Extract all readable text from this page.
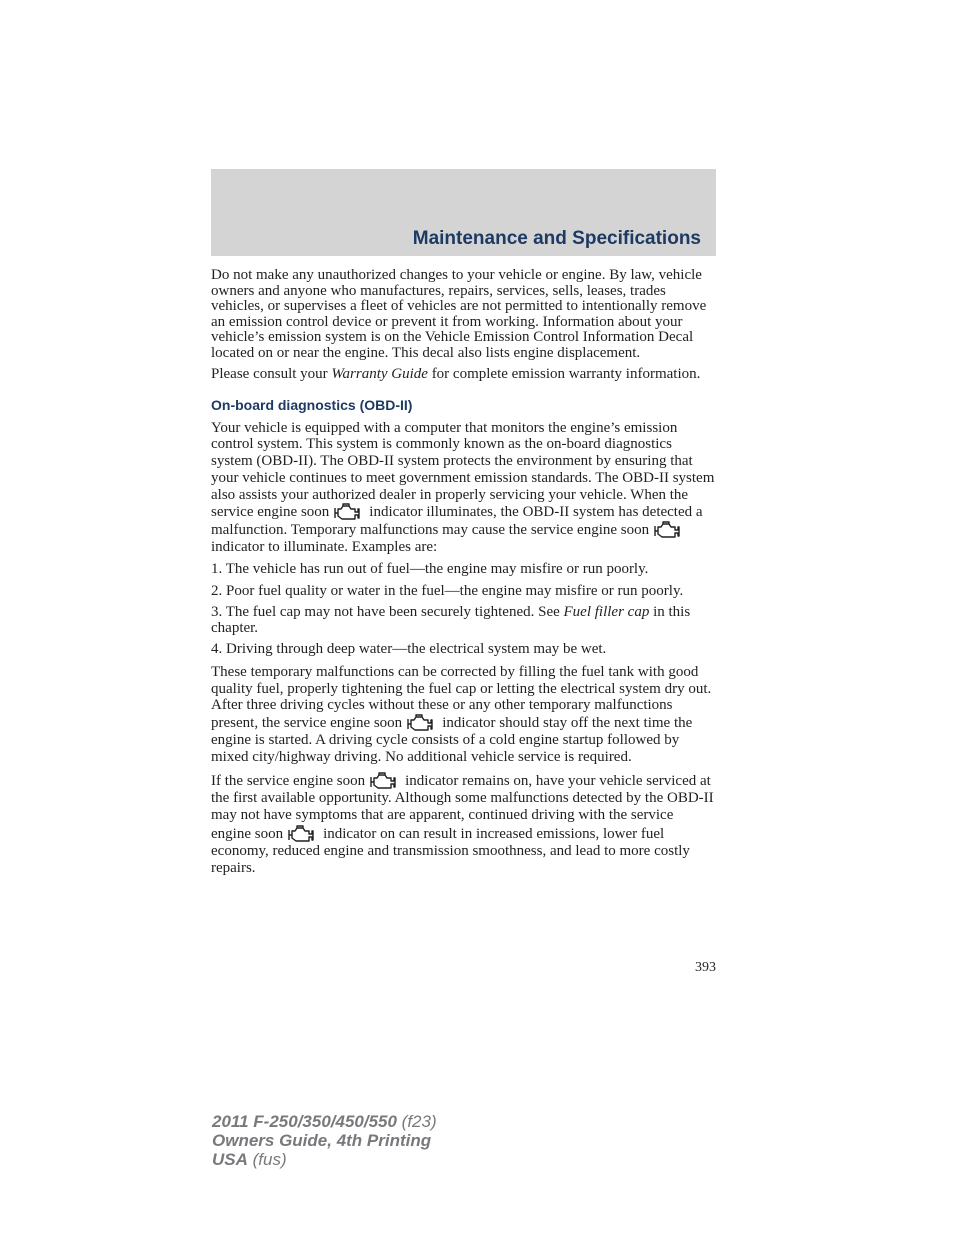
Maintenance and Specifications

Do not make any unauthorized changes to your vehicle or engine. By law, vehicle owners and anyone who manufactures, repairs, services, sells, leases, trades vehicles, or supervises a fleet of vehicles are not permitted to intentionally remove an emission control device or prevent it from working. Information about your vehicle’s emission system is on the Vehicle Emission Control Information Decal located on or near the engine. This decal also lists engine displacement.

Please consult your Warranty Guide for complete emission warranty information.

On-board diagnostics (OBD-II)

Your vehicle is equipped with a computer that monitors the engine’s emission control system. This system is commonly known as the on-board diagnostics system (OBD-II). The OBD-II system protects the environment by ensuring that your vehicle continues to meet government emission standards. The OBD-II system also assists your authorized dealer in properly servicing your vehicle. When the service engine soon	indicator illuminates, the OBD-II system has detected a malfunction. Temporary malfunctions may cause the service engine soon
indicator to illuminate. Examples are:

1. The vehicle has run out of fuel—the engine may misfire or run poorly.

2. Poor fuel quality or water in the fuel—the engine may misfire or run poorly.

3. The fuel cap may not have been securely tightened. See Fuel filler cap in this chapter.

4. Driving through deep water—the electrical system may be wet.

These temporary malfunctions can be corrected by filling the fuel tank with good quality fuel, properly tightening the fuel cap or letting the electrical system dry out. After three driving cycles without these or any other temporary malfunctions present, the service engine soon	indicator should stay off the next time the engine is started. A driving cycle consists of a cold engine startup followed by mixed city/highway driving. No additional vehicle service is required.

If the service engine soon	indicator remains on, have your vehicle serviced at the first available opportunity. Although some malfunctions detected by the OBD-II may not have symptoms that are apparent, continued driving with the service engine soon	indicator on can result in increased emissions, lower fuel economy, reduced engine and transmission smoothness, and lead to more costly repairs.

393

2011 F-250/350/450/550 (f23)
Owners Guide, 4th Printing
USA (fus)
